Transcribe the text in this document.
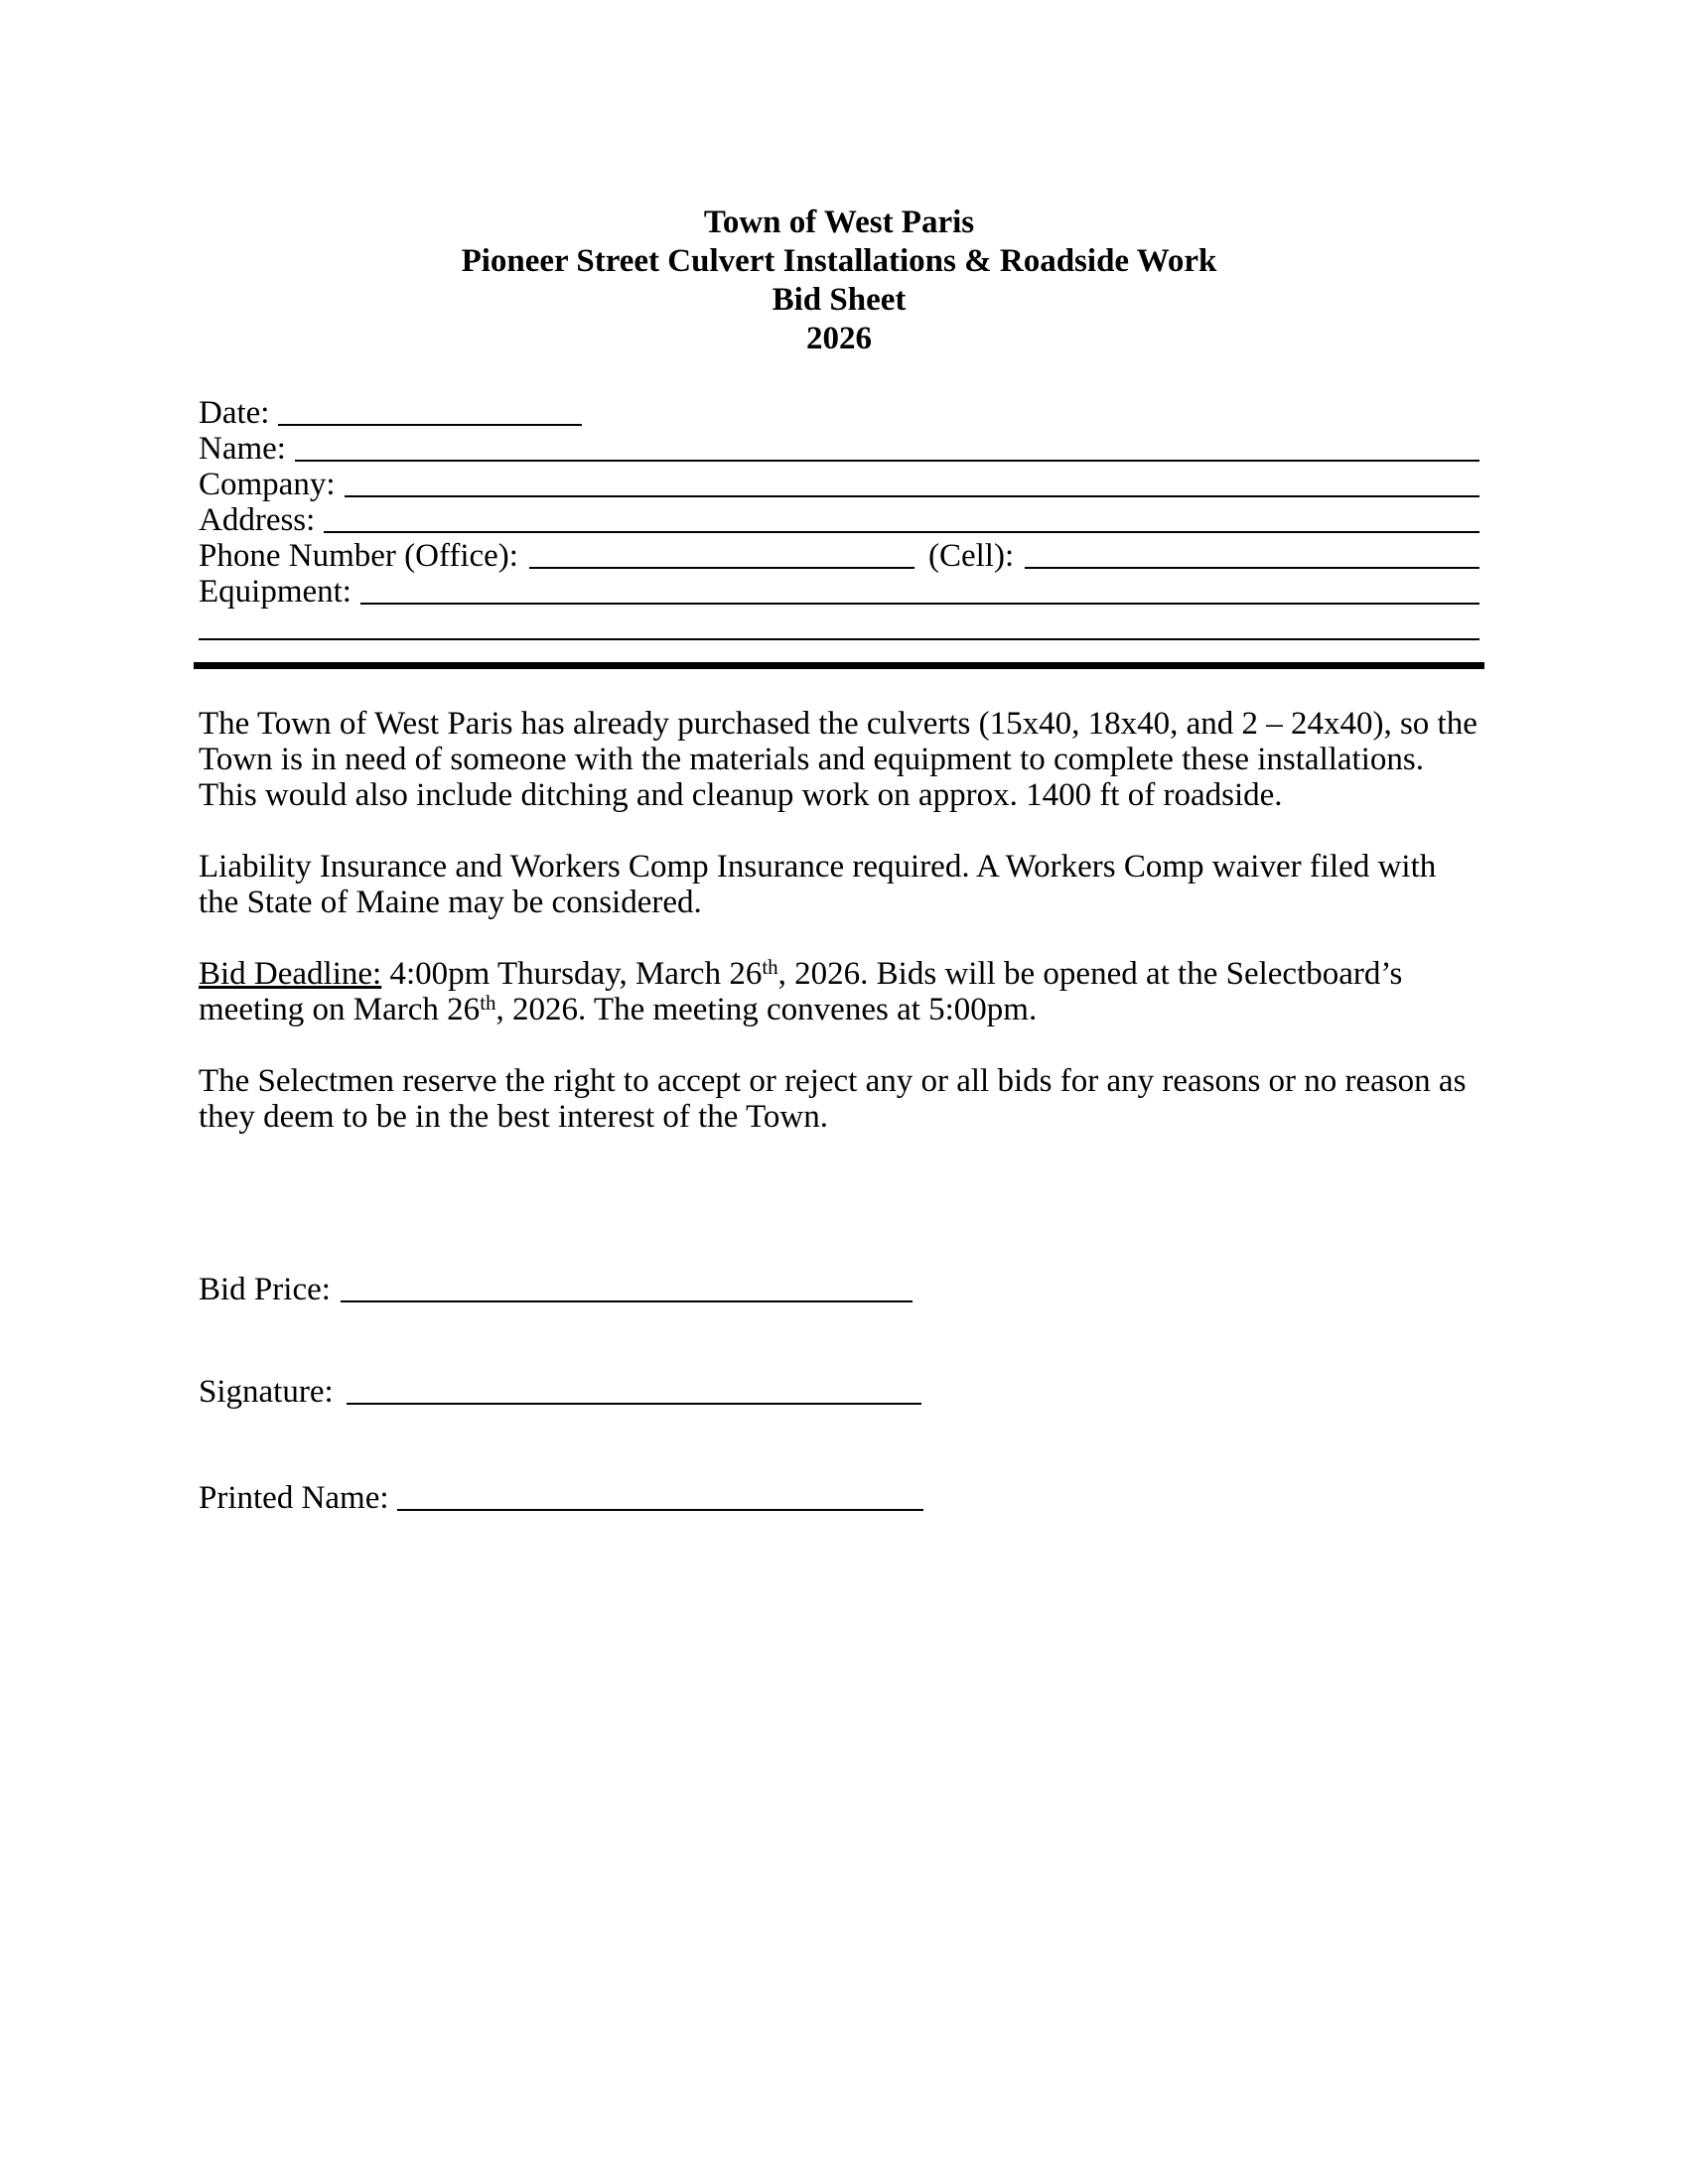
Town of West Paris
Pioneer Street Culvert Installations & Roadside Work
Bid Sheet
2026
Date:
Name:
Company:
Address:
Phone Number (Office):	(Cell):
Equipment:

The Town of West Paris has already purchased the culverts (15x40, 18x40, and 2 – 24x40), so the Town is in need of someone with the materials and equipment to complete these installations. This would also include ditching and cleanup work on approx. 1400 ft of roadside.

Liability Insurance and Workers Comp Insurance required. A Workers Comp waiver filed with the State of Maine may be considered.

Bid Deadline: 4:00pm Thursday, March 26th, 2026. Bids will be opened at the Selectboard’s meeting on March 26th, 2026. The meeting convenes at 5:00pm.

The Selectmen reserve the right to accept or reject any or all bids for any reasons or no reason as they deem to be in the best interest of the Town.

Bid Price:
Signature:
Printed Name:
